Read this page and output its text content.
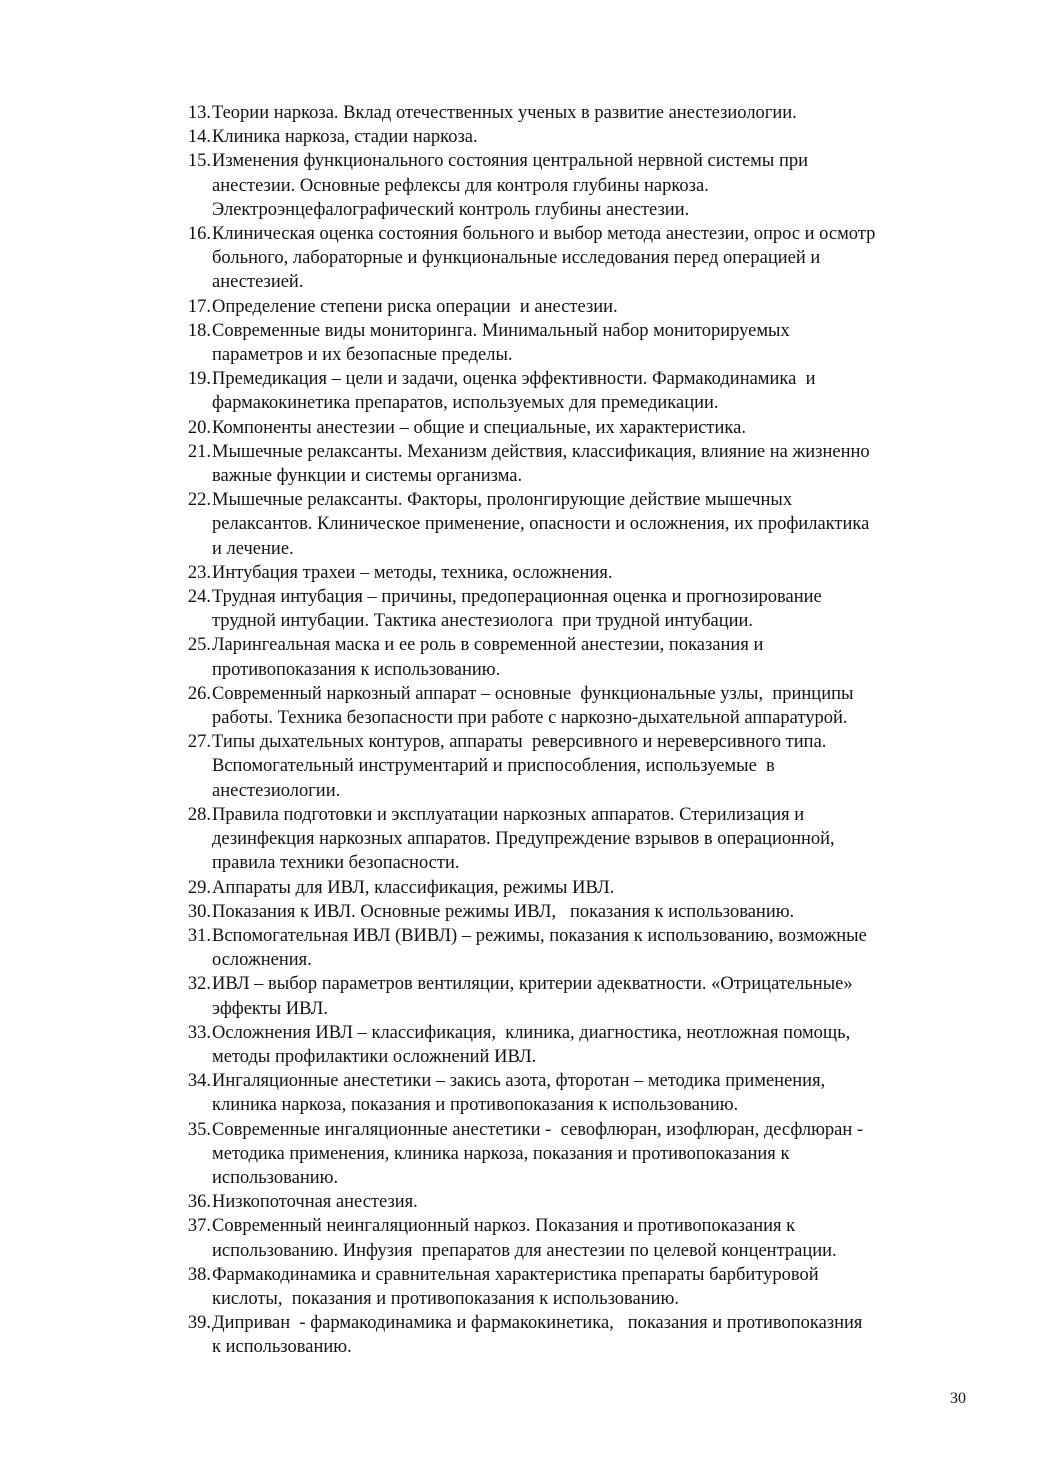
13. Теории наркоза. Вклад отечественных ученых в развитие анестезиологии.
14. Клиника наркоза, стадии наркоза.
15. Изменения функционального состояния центральной нервной системы при
анестезии. Основные рефлексы для контроля глубины наркоза.
Электроэнцефалографический контроль глубины анестезии.
16. Клиническая оценка состояния больного и выбор метода анестезии, опрос и осмотр
больного, лабораторные и функциональные исследования перед операцией и
анестезией.
17. Определение степени риска операции  и анестезии.
18. Современные виды мониторинга. Минимальный набор мониторируемых
параметров и их безопасные пределы.
19. Премедикация – цели и задачи, оценка эффективности. Фармакодинамика  и
фармакокинетика препаратов, используемых для премедикации.
20. Компоненты анестезии – общие и специальные, их характеристика.
21. Мышечные релаксанты. Механизм действия, классификация, влияние на жизненно
важные функции и системы организма.
22. Мышечные релаксанты. Факторы, пролонгирующие действие мышечных
релаксантов. Клиническое применение, опасности и осложнения, их профилактика
и лечение.
23. Интубация трахеи – методы, техника, осложнения.
24. Трудная интубация – причины, предоперационная оценка и прогнозирование
трудной интубации. Тактика анестезиолога  при трудной интубации.
25. Ларингеальная маска и ее роль в современной анестезии, показания и
противопоказания к использованию.
26. Современный наркозный аппарат – основные  функциональные узлы,  принципы
работы. Техника безопасности при работе с наркозно-дыхательной аппаратурой.
27. Типы дыхательных контуров, аппараты  реверсивного и нереверсивного типа.
Вспомогательный инструментарий и приспособления, используемые  в
анестезиологии.
28. Правила подготовки и эксплуатации наркозных аппаратов. Стерилизация и
дезинфекция наркозных аппаратов. Предупреждение взрывов в операционной,
правила техники безопасности.
29. Аппараты для ИВЛ, классификация, режимы ИВЛ.
30. Показания к ИВЛ. Основные режимы ИВЛ,   показания к использованию.
31. Вспомогательная ИВЛ (ВИВЛ) – режимы, показания к использованию, возможные
осложнения.
32. ИВЛ – выбор параметров вентиляции, критерии адекватности. «Отрицательные»
эффекты ИВЛ.
33. Осложнения ИВЛ – классификация,  клиника, диагностика, неотложная помощь,
методы профилактики осложнений ИВЛ.
34. Ингаляционные анестетики – закись азота, фторотан – методика применения,
клиника наркоза, показания и противопоказания к использованию.
35. Современные ингаляционные анестетики -  севофлюран, изофлюран, десфлюран -
методика применения, клиника наркоза, показания и противопоказания к
использованию.
36. Низкопоточная анестезия.
37. Современный неингаляционный наркоз. Показания и противопоказания к
использованию. Инфузия  препаратов для анестезии по целевой концентрации.
38. Фармакодинамика и сравнительная характеристика препараты барбитуровой
кислоты,  показания и противопоказания к использованию.
39. Диприван  - фармакодинамика и фармакокинетика,   показания и противопоказния
к использованию.
30
